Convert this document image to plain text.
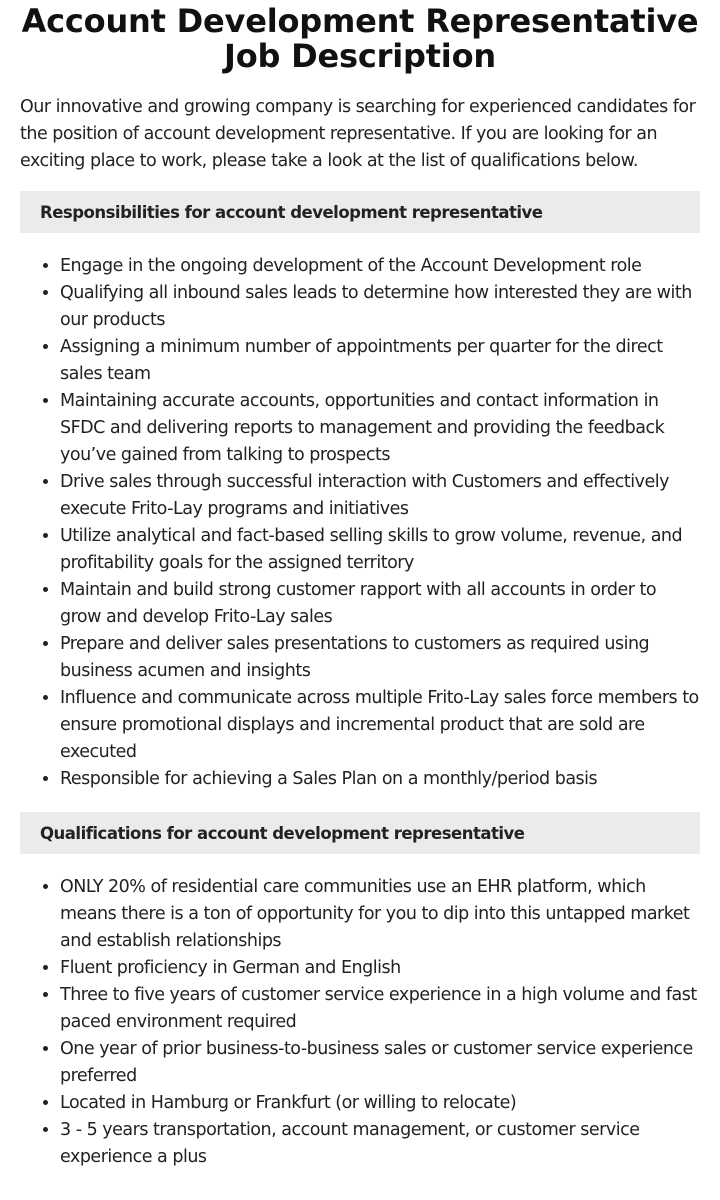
Account Development Representative Job Description

Our innovative and growing company is searching for experienced candidates for the position of account development representative. If you are looking for an exciting place to work, please take a look at the list of qualifications below.

Responsibilities for account development representative
• Engage in the ongoing development of the Account Development role
• Qualifying all inbound sales leads to determine how interested they are with our products
• Assigning a minimum number of appointments per quarter for the direct sales team
• Maintaining accurate accounts, opportunities and contact information in SFDC and delivering reports to management and providing the feedback you’ve gained from talking to prospects
• Drive sales through successful interaction with Customers and effectively execute Frito-Lay programs and initiatives
• Utilize analytical and fact-based selling skills to grow volume, revenue, and profitability goals for the assigned territory
• Maintain and build strong customer rapport with all accounts in order to grow and develop Frito-Lay sales
• Prepare and deliver sales presentations to customers as required using business acumen and insights
• Influence and communicate across multiple Frito-Lay sales force members to ensure promotional displays and incremental product that are sold are executed
• Responsible for achieving a Sales Plan on a monthly/period basis
Qualifications for account development representative
• ONLY 20% of residential care communities use an EHR platform, which means there is a ton of opportunity for you to dip into this untapped market and establish relationships
• Fluent proficiency in German and English
• Three to five years of customer service experience in a high volume and fast paced environment required
• One year of prior business-to-business sales or customer service experience preferred
• Located in Hamburg or Frankfurt (or willing to relocate)
• 3 - 5 years transportation, account management, or customer service experience a plus
